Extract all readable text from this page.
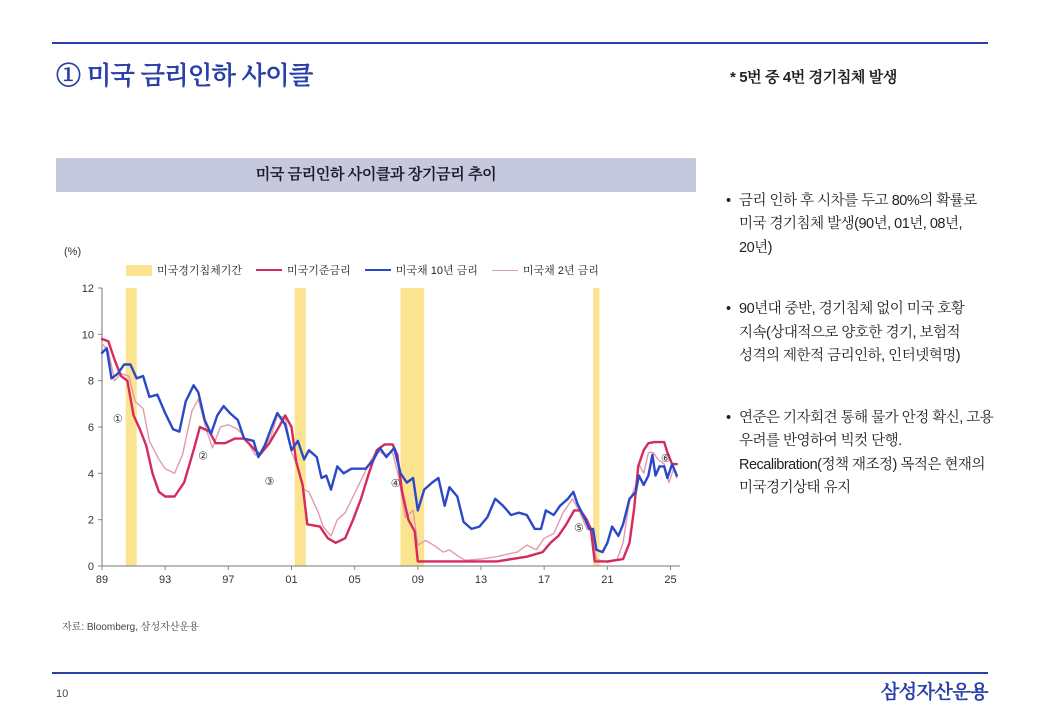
① 미국 금리인하 사이클	* 5번 중 4번 경기침체 발생
미국 금리인하 사이클과 장기금리 추이
(%)
미국경기침체기간	미국기준금리	미국채 10년 금리	미국채 2년 금리
0
2
4
6
8
10
12
89	93	97	01	05	09	13	17	21	25
①
②
③	④
⑤
⑥
자료: Bloomberg, 삼성자산운용
• 금리 인하 후 시차를 두고 80%의 확률로 미국 경기침체 발생(90년, 01년, 08년, 20년)
• 90년대 중반, 경기침체 없이 미국 호황 지속(상대적으로 양호한 경기, 보험적 성격의 제한적 금리인하, 인터넷혁명)
• 연준은 기자회견 통해 물가 안정 확신, 고용 우려를 반영하여 빅컷 단행. Recalibration(정책 재조정) 목적은 현재의 미국경기상태 유지
10	삼성자산운용
